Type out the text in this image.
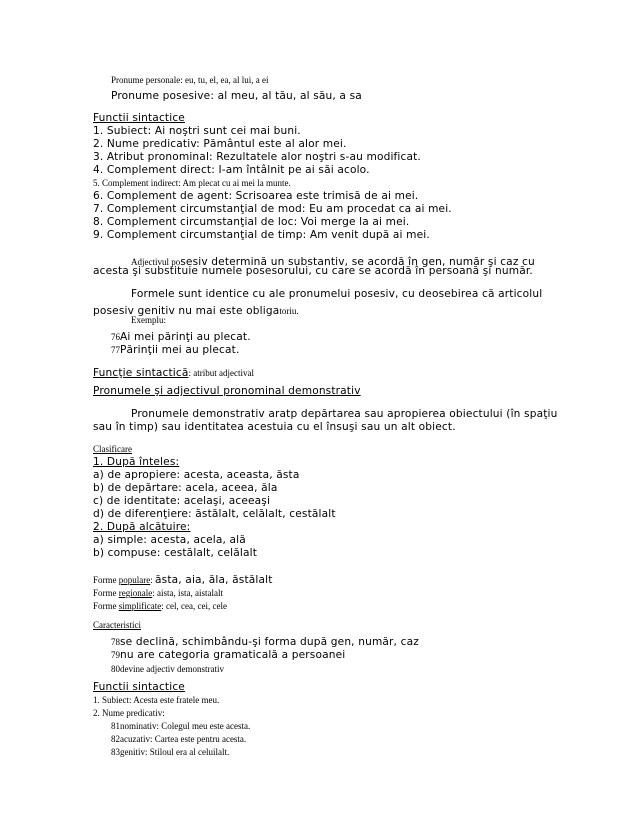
Pronume personale: eu, tu, el, ea, al lui, a ei
Pronume posesive: al meu, al tău, al său, a sa
Functii sintactice
1. Subiect: Ai noştri sunt cei mai buni.
2. Nume predicativ: Pământul este al alor mei.
3. Atribut pronominal: Rezultatele alor noştri s-au modificat.
4. Complement direct: I-am întâlnit pe ai săi acolo.
5. Complement indirect: Am plecat cu ai mei la munte.
6. Complement de agent: Scrisoarea este trimisă de ai mei.
7. Complement circumstanţial de mod: Eu am procedat ca ai mei.
8. Complement circumstanţial de loc: Voi merge la ai mei.
9. Complement circumstanţial de timp: Am venit după ai mei.
Adjectivul posesiv determină un substantiv, se acordă în gen, număr şi caz cu
acesta şi substituie numele posesorului, cu care se acordă în persoană şi număr.
Formele sunt identice cu ale pronumelui posesiv, cu deosebirea că articolul
posesiv genitiv nu mai este obligatoriu.
Exemplu:
76Ai mei părinţi au plecat.
77Părinţii mei au plecat.
Funcţie sintactică: atribut adjectival
Pronumele şi adjectivul pronominal demonstrativ
Pronumele demonstrativ aratp depărtarea sau apropierea obiectului (în spaţiu
sau în timp) sau identitatea acestuia cu el însuşi sau un alt obiect.
Clasificare
1. După înteles:
a) de apropiere: acesta, aceasta, ăsta
b) de depărtare: acela, aceea, ăla
c) de identitate: acelaşi, aceeaşi
d) de diferenţiere: ăstălalt, celălalt, cestălalt
2. După alcătuire:
a) simple: acesta, acela, ală
b) compuse: cestălalt, celălalt
Forme populare: ăsta, aia, ăla, ăstălalt
Forme regionale: aista, ista, aistalalt
Forme simplificate: cel, cea, cei, cele
Caracteristici
78se declină, schimbându-şi forma după gen, număr, caz
79nu are categoria gramaticală a persoanei
80devine adjectiv demonstrativ
Functii sintactice
1. Subiect: Acesta este fratele meu.
2. Nume predicativ:
81nominativ: Colegul meu este acesta.
82acuzativ: Cartea este pentru acesta.
83genitiv: Stiloul era al celuilalt.
